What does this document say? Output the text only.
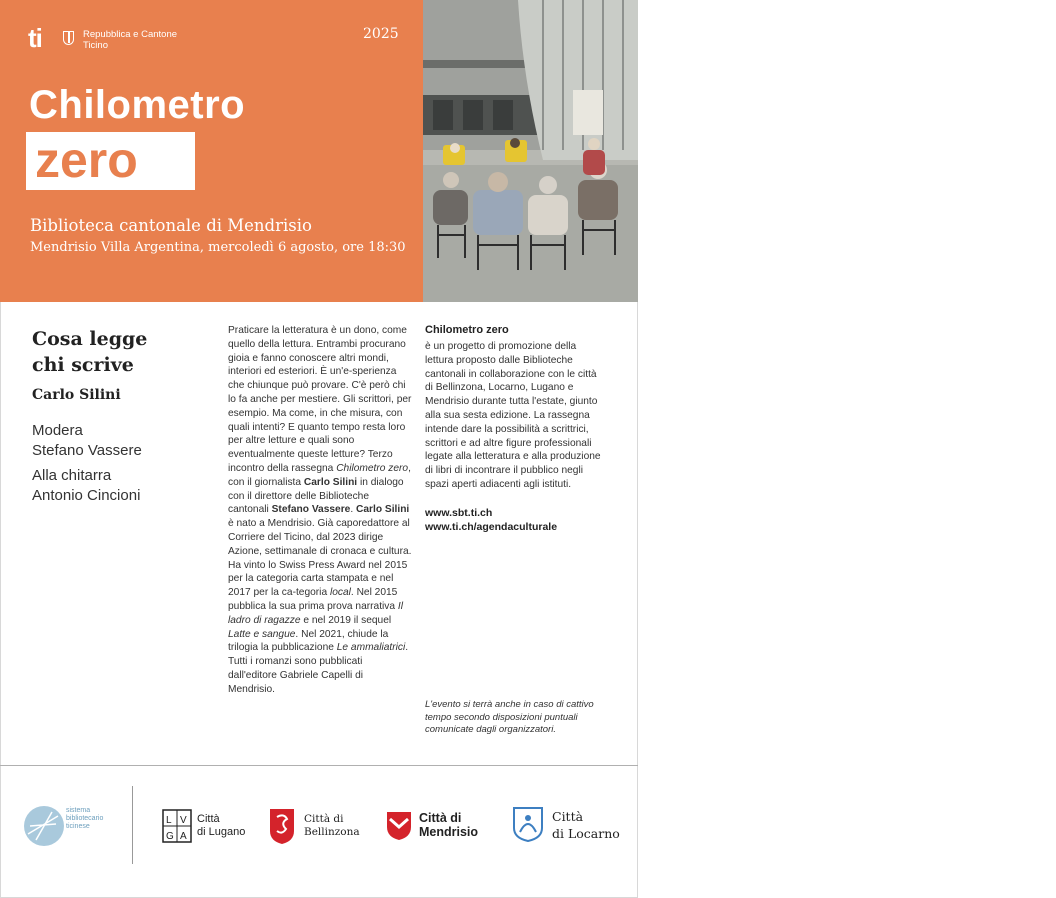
ti	Repubblica e Cantone
Ticino
2025
Chilometro
zero
Biblioteca cantonale di Mendrisio
Mendrisio Villa Argentina, mercoledì 6 agosto, ore 18:30	Foto Studio Job
Cosa legge chi scrive
Carlo Silini
Modera
Stefano Vassere
Alla chitarra
Antonio Cincioni
Praticare la letteratura è un dono, come quello della lettura. Entrambi procurano gioia e fanno conoscere altri mondi, interiori ed esteriori. È un'e-sperienza che chiunque può provare. C'è però chi lo fa anche per mestiere. Gli scrittori, per esempio. Ma come, in che misura, con quali intenti? E quanto tempo resta loro per altre letture e quali sono eventualmente queste letture? Terzo incontro della rassegna Chilometro zero, con il giornalista Carlo Silini in dialogo con il direttore delle Biblioteche cantonali Stefano Vassere. Carlo Silini è nato a Mendrisio. Già caporedattore al Corriere del Ticino, dal 2023 dirige Azione, settimanale di cronaca e cultura. Ha vinto lo Swiss Press Award nel 2015 per la categoria carta stampata e nel 2017 per la ca-tegoria local. Nel 2015 pubblica la sua prima prova narrativa Il ladro di ragazze e nel 2019 il sequel Latte e sangue. Nel 2021, chiude la trilogia la pubblicazione Le ammaliatrici. Tutti i romanzi sono pubblicati dall'editore Gabriele Capelli di Mendrisio.
Chilometro zero
è un progetto di promozione della lettura proposto dalle Biblioteche cantonali in collaborazione con le città di Bellinzona, Locarno, Lugano e Mendrisio durante tutta l'estate, giunto alla sua sesta edizione. La rassegna intende dare la possibilità a scrittrici, scrittori e ad altre figure professionali legate alla letteratura e alla produzione di libri di incontrare il pubblico negli spazi aperti adiacenti agli istituti.
www.sbt.ti.ch
www.ti.ch/agendaculturale
L'evento si terrà anche in caso di cattivo tempo secondo disposizioni puntuali comunicate dagli organizzatori.
sistema
bibliotecario
ticinese
L V
G A
Città
di Lugano
Città di
Bellinzona
Città di
Mendrisio
Città
di Locarno
